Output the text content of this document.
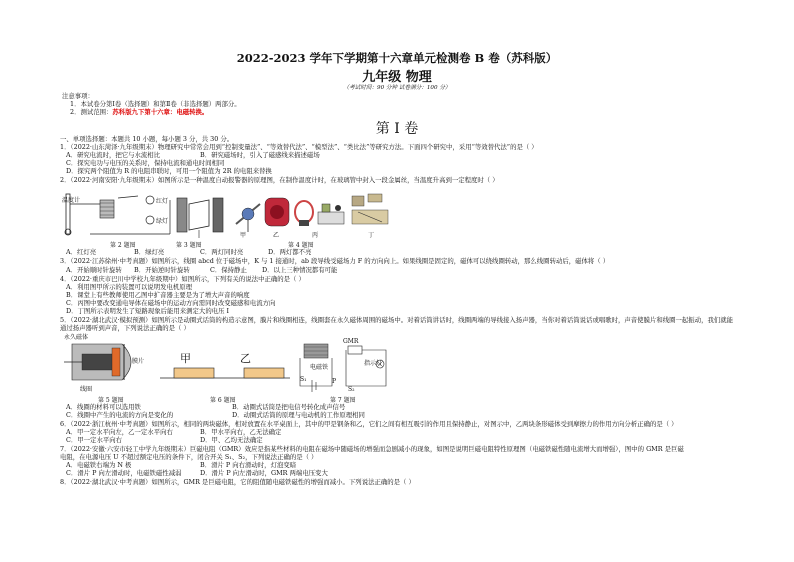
2022-2023 学年下学期第十六章单元检测卷 B 卷（苏科版）
九年级 物理
（考试时间：90 分钟 试卷满分：100 分）
注意事项：
1．本试卷分第Ⅰ卷（选择题）和第Ⅱ卷（非选择题）两部分。
2．测试范围：苏科版九下第十六章：电磁转换。
第 I 卷
一、单项选择题：本题共 10 小题，每小题 3 分，共 30 分。
1．（2022·山东菏泽·九年级期末）物理研究中常常会用到“控制变量法”、“等效替代法”、“模型法”、“类比法”等研究方法。下面四个研究中，采用“等效替代法”的是（ ）
A．研究电流时，把它与水流相比	B．研究磁场时，引入了磁感线来描述磁场
C．探究电功与电压的关系时，保持电流和通电时间相同
D．探究两个阻值为 R 的电阻串联时，可用一个阻值为 2R 的电阻来替换
2．（2022·河南安阳·九年级期末）如图所示是一种温度自动报警器的原理图，在制作温度计时，在玻璃管中封入一段金属丝，当温度升高到一定程度时（ ）
温度计	红灯
绿灯
甲	乙	丙	丁
第 2 题图	第 3 题图	第 4 题图
A．红灯亮	B．绿灯亮	C．两灯同时亮	D．两灯都不亮
3．（2022·江苏徐州·中考真题）如图所示，线圈 abcd 位于磁场中，K 与 1 接通时，ab 段导线受磁场力 F 的方向向上。如果线圈是固定的，磁体可以绕线圈转动，那么线圈转动后，磁体将（ ）
A．开始顺时针旋转 B．开始逆时针旋转	C．保持静止 D．以上三种情况都有可能
4．（2022·重庆市巴川中学校九年级期中）如图所示，下列有关的说法中正确的是（ ）
A．利用图甲所示的装置可以说明发电机原理
B．课堂上有些教师使用乙图中扩音器主要是为了增大声音的响度
C．丙图中要改变通电导体在磁场中的运动方向需同时改变磁感和电流方向
D．丁图所示表明发生了短路现象后能用来测定大的电压 I
5．（2022·湖北武汉·模拟预测）如图所示是动圈式话筒的构造示意图，膜片和线圈相连，线圈套在永久磁体周围的磁场中。对着话筒讲话时，线圈两端的导线接入扬声器，当你对着话筒说话或唱歌时，声音使膜片和线圈一起振动，我们就能
通过扬声器听到声音，下列说法正确的是（ ）
永久磁体
膜片
线圈
甲	乙
GMR
指示灯
电磁铁
S₁
S₂
P
第 5 题图	第 6 题图	第 7 题图
A．线圈的材料可以选用铁	B．动圈式话筒是把电信号转化成声信号
C．线圈中产生的电流的方向是变化的	D．动圈式话筒的原理与电动机的工作原理相同
6．（2022·浙江杭州·中考真题）如图所示，相同的两块磁体，相对放置在水平桌面上，其中的甲是钢条和乙，它们之间有相互吸引的作用且保持静止，对图示中，乙两块条形磁体受到摩擦力的作用方向分析正确的是（ ）
A．甲一定水平向左，乙一定水平向右	B．甲水平向右，乙无法确定
C．甲一定水平向右	D．甲、乙均无法确定
7．（2022·安徽·六安市轻工中学九年级期末）巨磁电阻（GMR）效应是指某些材料的电阻在磁场中随磁场的增强而急剧减小的现象，如图是说明巨磁电阻特性原理图（电磁铁磁性随电流增大而增强），图中的 GMR 是巨磁
电阻，在电源电压 U 不超过额定电压的条件下，闭合开关 S₁、S₂，下列说法正确的是（ ）
A．电磁铁右端为 N 极	B．滑片 P 向右滑动时，灯泡变暗
C．滑片 P 向左滑动时，电磁铁磁性减弱	D．滑片 P 向左滑动时，GMR 两端电压变大
8．（2022·湖北武汉·中考真题）如图所示，GMR 是巨磁电阻，它的阻值随电磁铁磁性的增强而减小。下列说法正确的是（ ）
